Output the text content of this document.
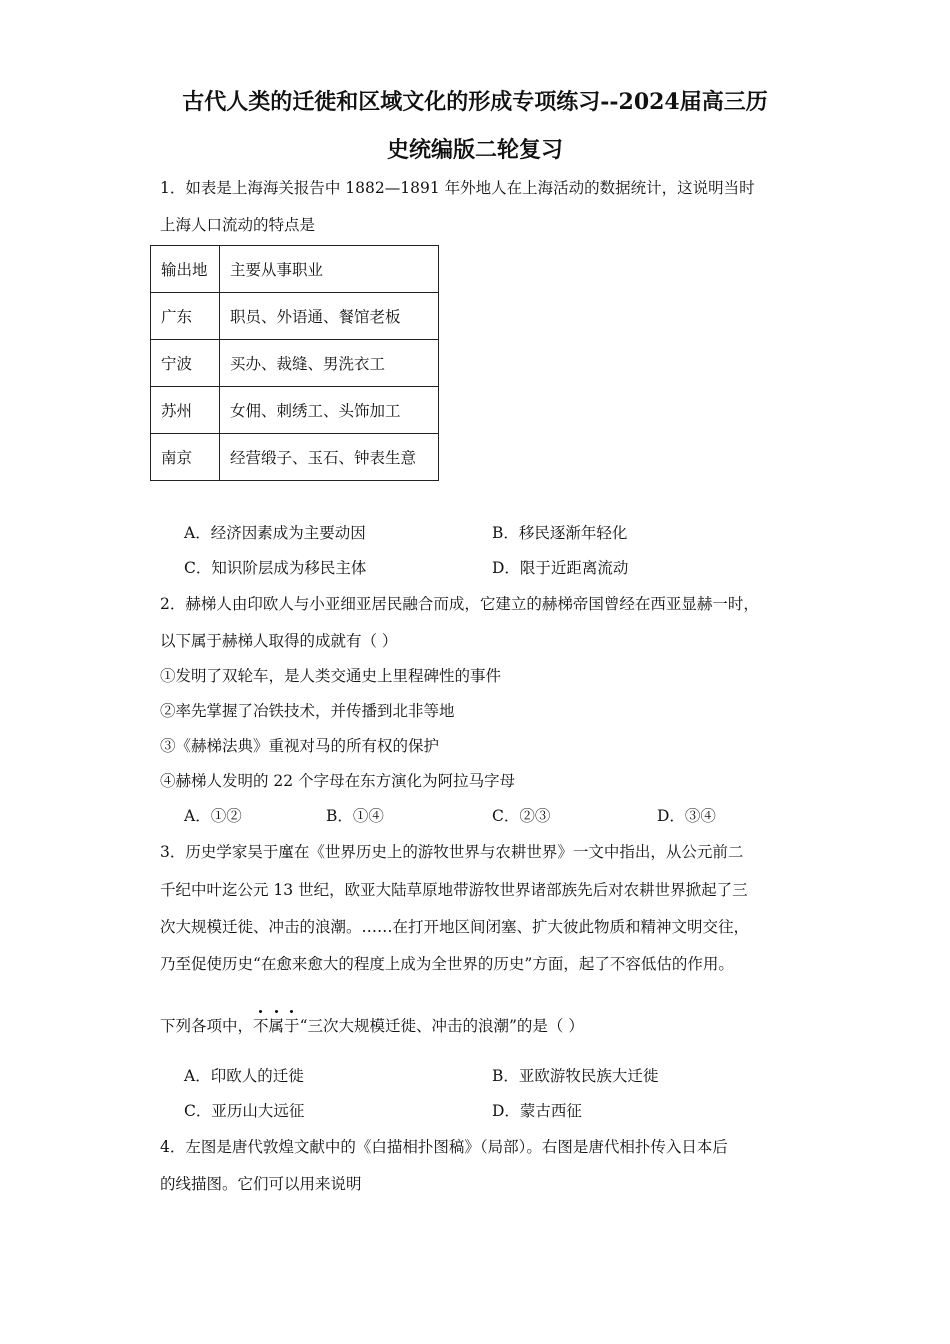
古代人类的迁徙和区域文化的形成专项练习--2024届高三历
史统编版二轮复习
1．如表是上海海关报告中 1882—1891 年外地人在上海活动的数据统计，这说明当时
上海人口流动的特点是
输出地	主要从事职业
广东	职员、外语通、餐馆老板
宁波	买办、裁缝、男洗衣工
苏州	女佣、刺绣工、头饰加工
南京	经营缎子、玉石、钟表生意
A．经济因素成为主要动因	B．移民逐渐年轻化
C．知识阶层成为移民主体	D．限于近距离流动
2．赫梯人由印欧人与小亚细亚居民融合而成，它建立的赫梯帝国曾经在西亚显赫一时，
以下属于赫梯人取得的成就有（ ）
①发明了双轮车，是人类交通史上里程碑性的事件
②率先掌握了冶铁技术，并传播到北非等地
③《赫梯法典》重视对马的所有权的保护
④赫梯人发明的 22 个字母在东方演化为阿拉马字母
A．①②	B．①④	C．②③	D．③④
3．历史学家吴于廑在《世界历史上的游牧世界与农耕世界》一文中指出，从公元前二
千纪中叶迄公元 13 世纪，欧亚大陆草原地带游牧世界诸部族先后对农耕世界掀起了三
次大规模迁徙、冲击的浪潮。……在打开地区间闭塞、扩大彼此物质和精神文明交往，
乃至促使历史“在愈来愈大的程度上成为全世界的历史”方面，起了不容低估的作用。
下列各项中，不属于“三次大规模迁徙、冲击的浪潮”的是（ ）
A．印欧人的迁徙	B．亚欧游牧民族大迁徙
C．亚历山大远征	D．蒙古西征
4．左图是唐代敦煌文献中的《白描相扑图稿》（局部）。右图是唐代相扑传入日本后
的线描图。它们可以用来说明
